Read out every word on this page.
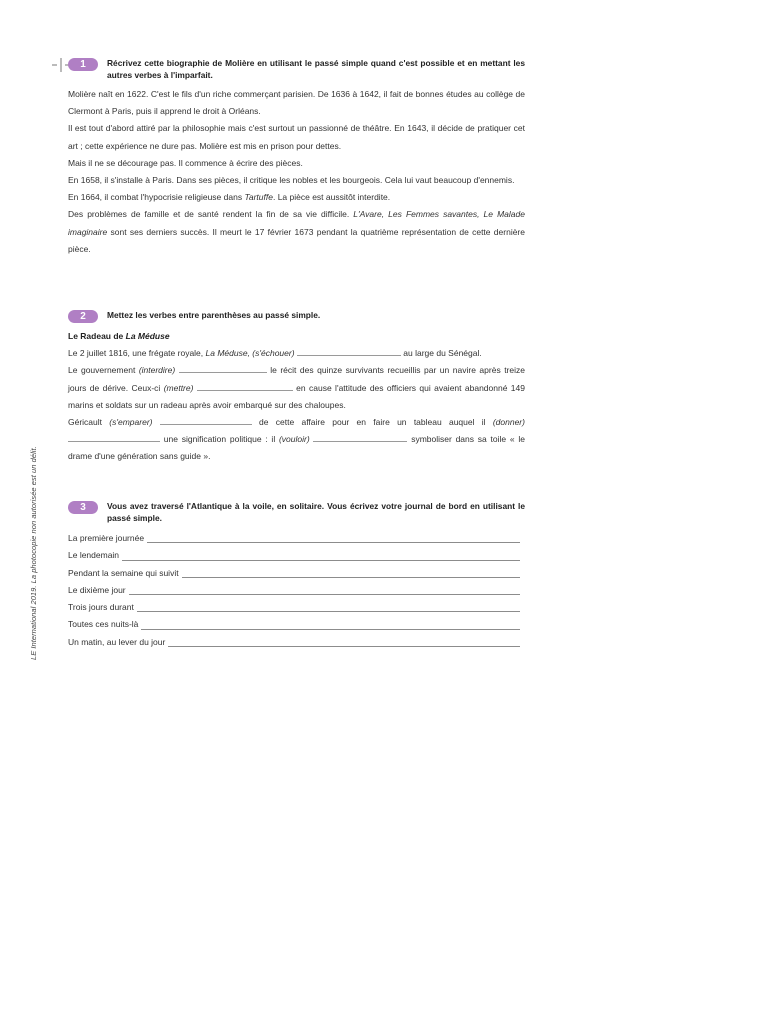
LE International 2019. La photocopie non autorisée est un délit.
1	Récrivez cette biographie de Molière en utilisant le passé simple quand c'est possible et en mettant les autres verbes à l'imparfait.

Molière naît en 1622. C'est le fils d'un riche commerçant parisien. De 1636 à 1642, il fait de bonnes études au collège de Clermont à Paris, puis il apprend le droit à Orléans.

Il est tout d'abord attiré par la philosophie mais c'est surtout un passionné de théâtre. En 1643, il décide de pratiquer cet art ; cette expérience ne dure pas. Molière est mis en prison pour dettes.

Mais il ne se décourage pas. Il commence à écrire des pièces.

En 1658, il s'installe à Paris. Dans ses pièces, il critique les nobles et les bourgeois. Cela lui vaut beaucoup d'ennemis.

En 1664, il combat l'hypocrisie religieuse dans Tartuffe. La pièce est aussitôt interdite.

Des problèmes de famille et de santé rendent la fin de sa vie difficile. L'Avare, Les Femmes savantes, Le Malade imaginaire sont ses derniers succès. Il meurt le 17 février 1673 pendant la quatrième représentation de cette dernière pièce.

2	Mettez les verbes entre parenthèses au passé simple.
Le Radeau de La Méduse

Le 2 juillet 1816, une frégate royale, La Méduse, (s'échouer)	au large du Sénégal.

Le gouvernement (interdire)	le récit des quinze survivants recueillis par un navire après treize jours de dérive. Ceux-ci (mettre)	en cause l'attitude des officiers qui avaient abandonné 149 marins et soldats sur un radeau après avoir embarqué sur des chaloupes.

Géricault (s'emparer)	de cette affaire pour en faire un tableau auquel il (donner)  une signification politique : il (vouloir)	symboliser dans sa toile « le drame d'une génération sans guide ».

3	Vous avez traversé l'Atlantique à la voile, en solitaire. Vous écrivez votre journal de bord en utilisant le passé simple.
La première journée
Le lendemain
Pendant la semaine qui suivit
Le dixième jour
Trois jours durant
Toutes ces nuits-là
Un matin, au lever du jour
